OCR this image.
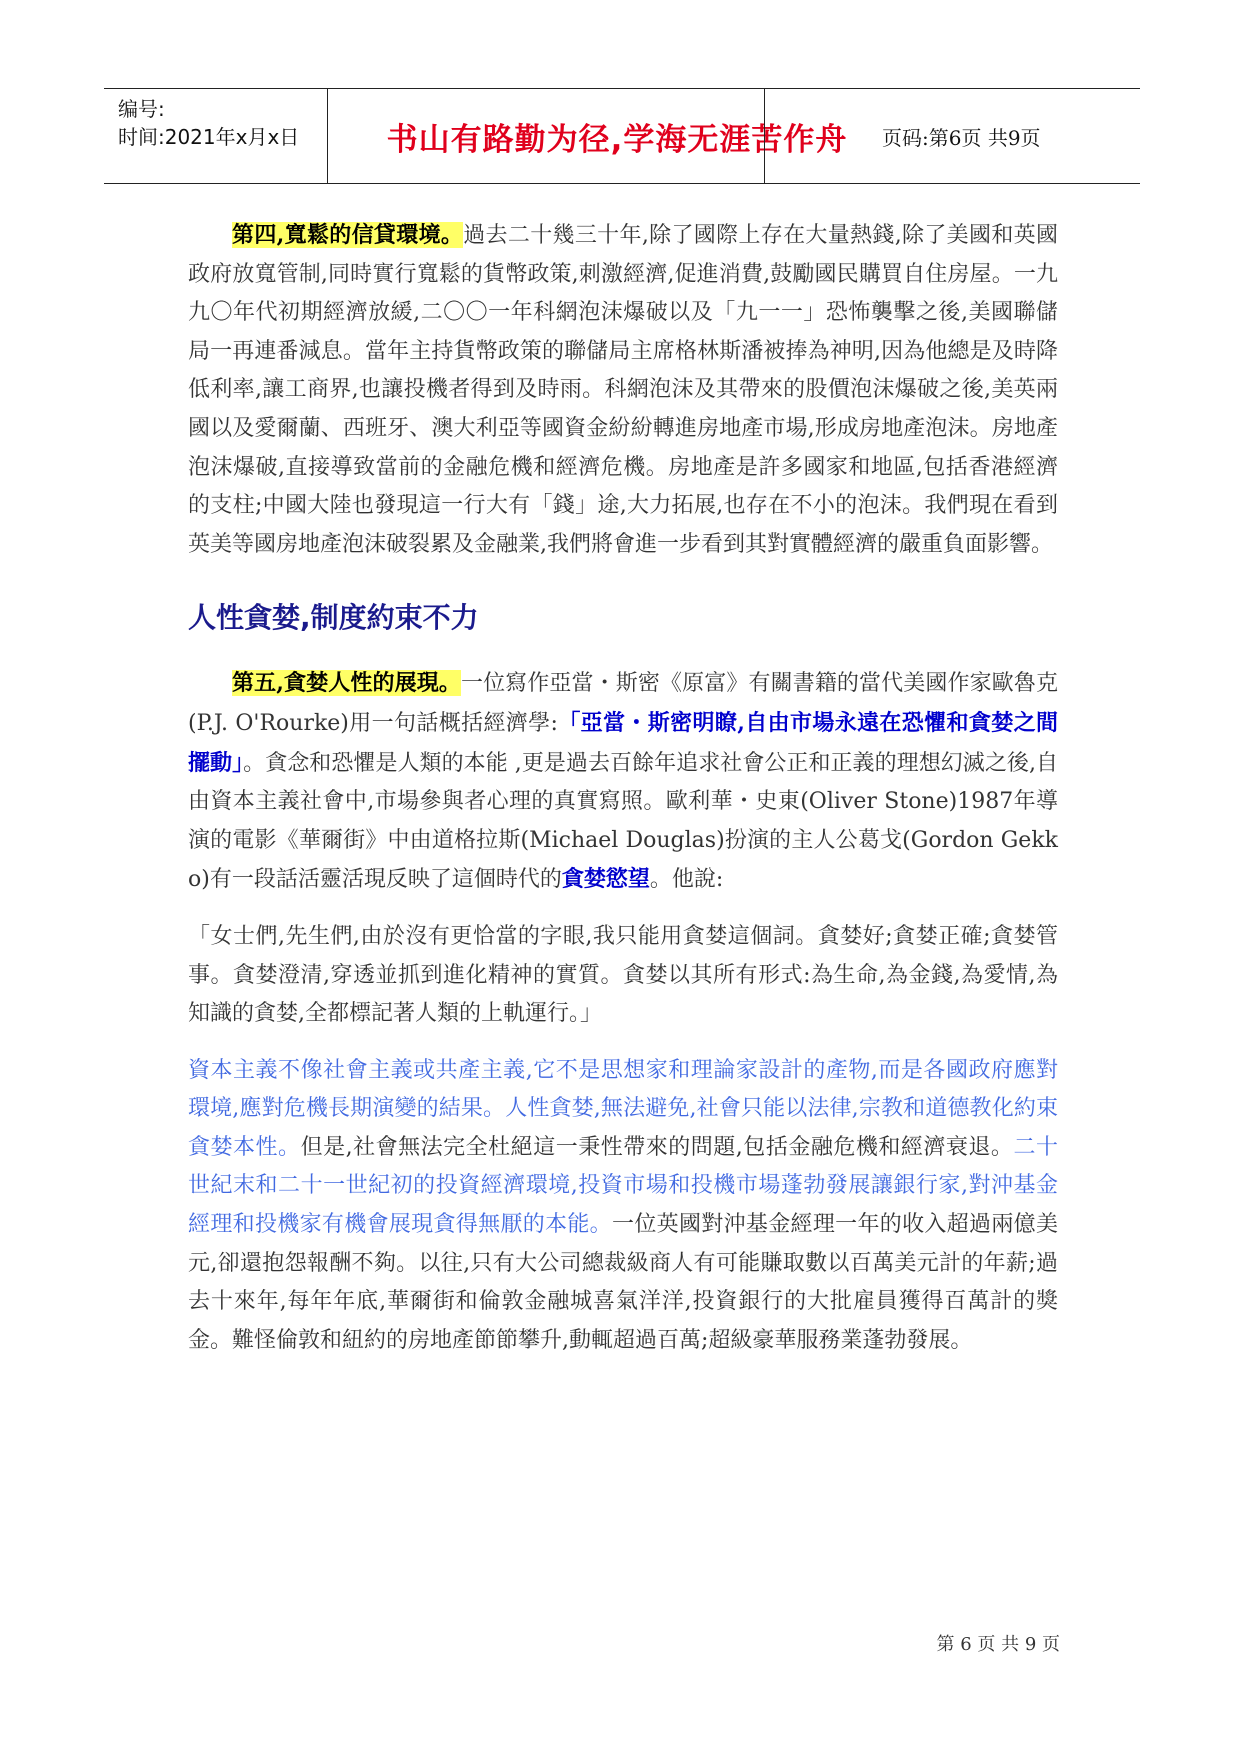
编号:
时间:2021年x月x日	书山有路勤为径,学海无涯苦作舟	页码:第6页 共9页

第四,寬鬆的信貸環境。過去二十幾三十年,除了國際上存在大量熱錢,除了美國和英國政府放寬管制,同時實行寬鬆的貨幣政策,刺激經濟,促進消費,鼓勵國民購買自住房屋。一九九〇年代初期經濟放緩,二〇〇一年科網泡沫爆破以及「九一一」恐怖襲擊之後,美國聯儲局一再連番減息。當年主持貨幣政策的聯儲局主席格林斯潘被捧為神明,因為他總是及時降低利率,讓工商界,也讓投機者得到及時雨。科網泡沫及其帶來的股價泡沫爆破之後,美英兩國以及愛爾蘭、西班牙、澳大利亞等國資金紛紛轉進房地產市場,形成房地產泡沫。房地產泡沫爆破,直接導致當前的金融危機和經濟危機。房地產是許多國家和地區,包括香港經濟的支柱;中國大陸也發現這一行大有「錢」途,大力拓展,也存在不小的泡沫。我們現在看到英美等國房地產泡沫破裂累及金融業,我們將會進一步看到其對實體經濟的嚴重負面影響。

人性貪婪,制度約束不力

第五,貪婪人性的展現。一位寫作亞當・斯密《原富》有關書籍的當代美國作家歐魯克(P.J. O'Rourke)用一句話概括經濟學:「亞當・斯密明瞭,自由市場永遠在恐懼和貪婪之間擺動」。貪念和恐懼是人類的本能 ,更是過去百餘年追求社會公正和正義的理想幻滅之後,自由資本主義社會中,市場參與者心理的真實寫照。歐利華・史東(Oliver Stone)1987年導演的電影《華爾街》中由道格拉斯(Michael Douglas)扮演的主人公葛戈(Gordon Gekko)有一段話活靈活現反映了這個時代的貪婪慾望。他說:

「女士們,先生們,由於沒有更恰當的字眼,我只能用貪婪這個詞。貪婪好;貪婪正確;貪婪管事。貪婪澄清,穿透並抓到進化精神的實質。貪婪以其所有形式:為生命,為金錢,為愛情,為知識的貪婪,全都標記著人類的上軌運行。」

資本主義不像社會主義或共產主義,它不是思想家和理論家設計的產物,而是各國政府應對環境,應對危機長期演變的結果。人性貪婪,無法避免,社會只能以法律,宗教和道德教化約束貪婪本性。但是,社會無法完全杜絕這一秉性帶來的問題,包括金融危機和經濟衰退。二十世紀末和二十一世紀初的投資經濟環境,投資市場和投機市場蓬勃發展讓銀行家,對沖基金經理和投機家有機會展現貪得無厭的本能。一位英國對沖基金經理一年的收入超過兩億美元,卻還抱怨報酬不夠。以往,只有大公司總裁級商人有可能賺取數以百萬美元計的年薪;過去十來年,每年年底,華爾街和倫敦金融城喜氣洋洋,投資銀行的大批雇員獲得百萬計的獎金。難怪倫敦和紐約的房地產節節攀升,動輒超過百萬;超級豪華服務業蓬勃發展。

第 6 页 共 9 页
